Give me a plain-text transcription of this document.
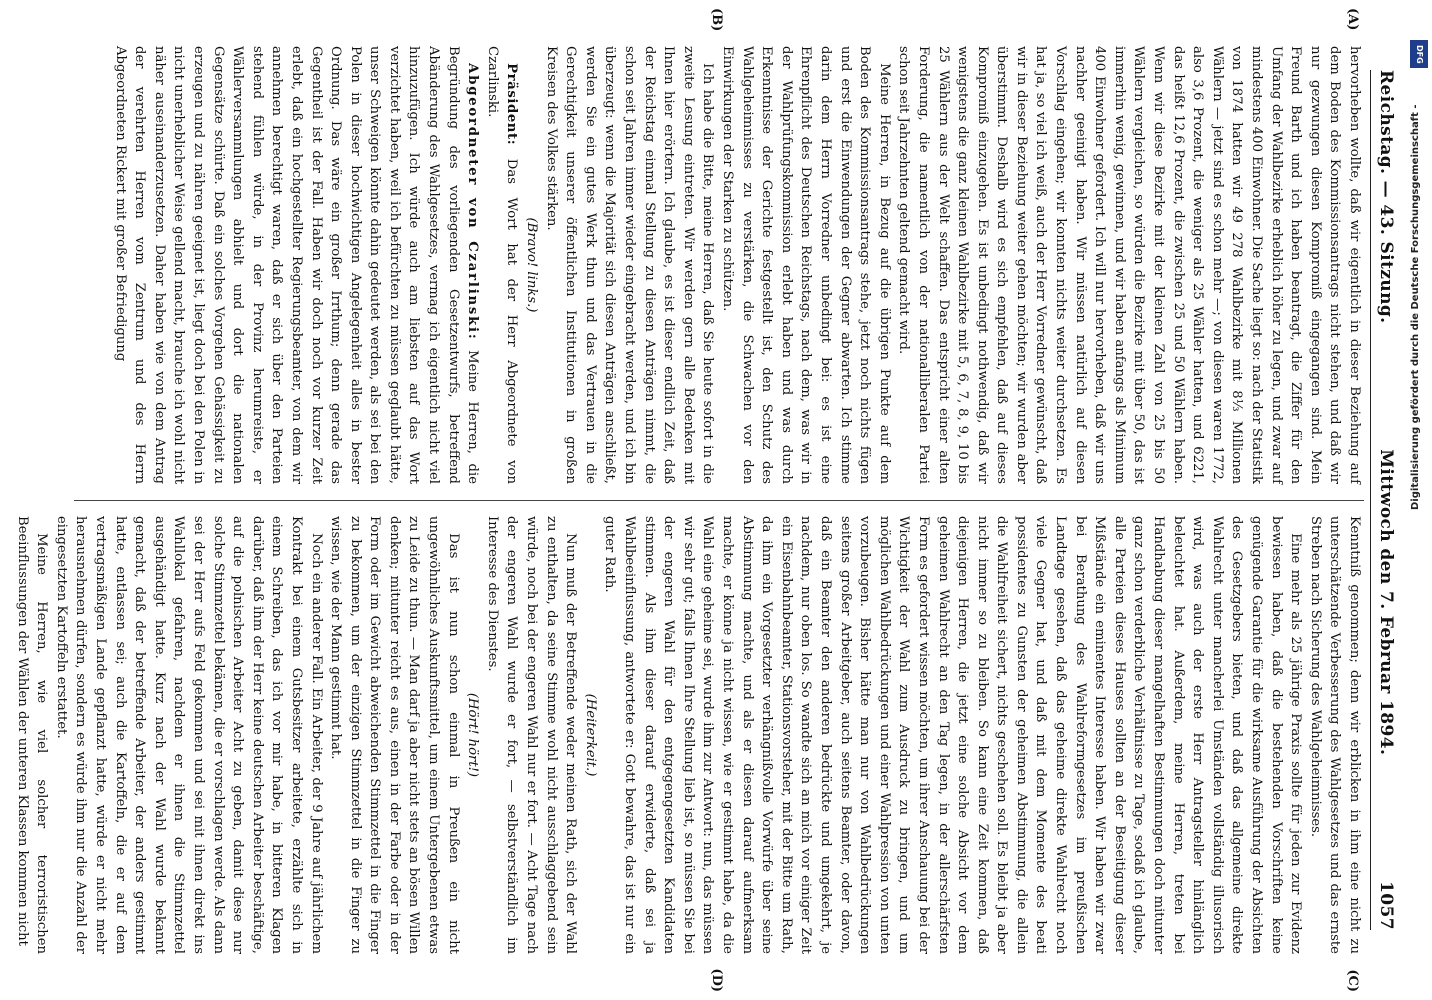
Reichstag. — 43. Sitzung.
Mittwoch den 7. Februar 1894.
1057
(A)
(B)
(C)
(D)

hervorheben wollte, daß wir eigentlich in dieser Beziehung auf dem Boden des Kommissionsantrags nicht stehen, und daß wir nur gezwungen diesen Kompromiß eingegangen sind. Mein Freund Barth und ich haben beantragt, die Ziffer für den Umfang der Wahlbezirke erheblich höher zu legen, und zwar auf mindestens 400 Einwohner. Die Sache liegt so: nach der Statistik von 1874 hatten wir 49 278 Wahlbezirke mit 8⅓ Millionen Wählern — jetzt sind es schon mehr —; von diesen waren 1772, also 3,6 Prozent, die weniger als 25 Wähler hatten, und 6221, das heißt 12,6 Prozent, die zwischen 25 und 50 Wählern haben. Wenn wir diese Bezirke mit der kleinen Zahl von 25 bis 50 Wählern vergleichen, so würden die Bezirke mit über 50, das ist immerhin wenig, gewinnen, und wir haben anfangs als Minimum 400 Einwohner gefordert. Ich will nur hervorheben, daß wir uns nachher geeinigt haben. Wir müssen natürlich auf diesen Vorschlag eingehen; wir konnten nichts weiter durchsetzen. Es hat ja, so viel ich weiß, auch der Herr Vorredner gewünscht, daß wir in dieser Beziehung weiter gehen möchten; wir wurden aber überstimmt. Deshalb wird es sich empfehlen, daß auf dieses Kompromiß einzugehen. Es ist unbedingt nothwendig, daß wir wenigstens die ganz kleinen Wahlbezirke mit 5, 6, 7, 8, 9, 10 bis 25 Wählern aus der Welt schaffen. Das entspricht einer alten Forderung, die namentlich von der nationalliberalen Partei schon seit Jahrzehnten geltend gemacht wird.

Meine Herren, in Bezug auf die übrigen Punkte auf dem Boden des Kommissionsantrags stehe, jetzt noch nichts fügen und erst die Einwendungen der Gegner abwarten. Ich stimme darin dem Herrn Vorredner unbedingt bei: es ist eine Ehrenpflicht des Deutschen Reichstags, nach dem, was wir in der Wahlprüfungskommission erlebt haben und was durch Erkenntnisse der Gerichte festgestellt ist, den Schutz des Wahlgeheimnisses zu verstärken, die Schwachen vor den Einwirkungen der Starken zu schützen.

Ich habe die Bitte, meine Herren, daß Sie heute sofort in die zweite Lesung eintreten. Wir werden gern alle Bedenken mit Ihnen hier erörtern. Ich glaube, es ist dieser endlich Zeit, daß der Reichstag einmal Stellung zu diesen Anträgen nimmt, die schon seit Jahren immer wieder eingebracht werden, und ich bin überzeugt: wenn die Majorität sich diesen Anträgen anschließt, werden Sie ein gutes Werk thun und das Vertrauen in die Gerechtigkeit unserer öffentlichen Institutionen in großen Kreisen des Volkes stärken.

(Bravo! links.)

Präsident: Das Wort hat der Herr Abgeordnete von Czarlinski.

Abgeordneter von Czarlinski: Meine Herren, die Begründung des vorliegenden Gesetzentwurfs, betreffend Abänderung des Wahlgesetzes, vermag ich eigentlich nicht viel hinzuzufügen. Ich würde auch am liebsten auf das Wort verzichtet haben, weil ich befürchten zu müssen geglaubt hätte, unser Schweigen könnte dahin gedeutet werden, als sei bei den Polen in dieser hochwichtigen Angelegenheit alles in bester Ordnung. Das wäre ein großer Irrthum; denn gerade das Gegentheil ist der Fall. Haben wir doch noch vor kurzer Zeit erlebt, daß ein hochgestellter Regierungsbeamter, von dem wir annehmen berechtigt waren, daß er sich über den Parteien stehend fühlen würde, in der Provinz herumreiste, er Wählerversammlungen abhielt und dort die nationalen Gegensätze schürte. Daß ein solches Vorgehen Gehässigkeit zu erzeugen und zu nähren geeignet ist, liegt doch bei den Polen in nicht unerheblicher Weise gellend macht, brauche ich wohl nicht näher auseinanderzusetzen. Daher haben wie von dem Antrag der verehrten Herren vom Zentrum und des Herrn Abgeordneten Rickert mit großer Befriedigung

Kenntniß genommen; denn wir erblicken in ihm eine nicht zu unterschätzende Verbesserung des Wahlgesetzes und das ernste Streben nach Sicherung des Wahlgeheimnisses.

Eine mehr als 25 jährige Praxis sollte für jeden zur Evidenz bewiesen haben, daß die bestehenden Vorschriften keine genügende Garantie für die wirksame Ausführung der Absichten des Gesetzgebers bieten, und daß das allgemeine direkte Wahlrecht unter mancherlei Umständen vollständig illusorisch wird, was auch der erste Herr Antragsteller hinlänglich beleuchtet hat. Außerdem, meine Herren, treten bei Handhabung dieser mangelhaften Bestimmungen doch mitunter ganz schon verderbliche Verhältnisse zu Tage, sodaß ich glaube, alle Parteien dieses Hauses sollten an der Beseitigung dieser Mißstände ein eminentes Interesse haben. Wir haben wir zwar bei Berathung des Wahlreformgesetzes im preußischen Landtage gesehen, daß das geheime direkte Wahlrecht noch viele Gegner hat, und daß mit dem Momente des beati possidentes zu Gunsten der geheimen Abstimmung, die allein die Wahlfreiheit sichert, nichts geschehen soll. Es bleibt ja aber nicht immer so zu bleiben. So kann eine Zeit kommen, daß diejenigen Herren, die jetzt eine solche Absicht vor dem geheimen Wahlrecht an den Tag legen, in der allerschärfsten Form es gefordert wissen möchten, um ihrer Anschauung bei der Wichtigkeit der Wahl zum Ausdruck zu bringen, und um möglichen Wahlbedrückungen und einer Wahlpression von unten vorzubeugen. Bisher hätte man nur von Wahlbedrückungen seitens großer Arbeitgeber, auch seitens Beamter, oder davon, daß ein Beamter den anderen bedrückte und umgekehrt, je nachdem, nur oben los. So wandte sich an mich vor einiger Zeit ein Eisenbahnbeamter, Stationsvorsteher, mit der Bitte um Rath, da ihm ein Vorgesetzter verhängnißvolle Vorwürfe über seine Abstimmung machte, und als er diesen darauf aufmerksam machte, er könne ja nicht wissen, wie er gestimmt habe, da die Wahl eine geheime sei, wurde ihm zur Antwort: nun, das müssen wir sehr gut; falls Ihnen Ihre Stellung lieb ist, so müssen Sie bei der engeren Wahl für den entgegengesetzten Kandidaten stimmen. Als ihm dieser darauf erwiderte, daß sei ja Wahlbeeinflussung, antwortete er: Gott bewahre, das ist nur ein guter Rath.

(Heiterkeit.)

Nun muß der Betreffende weder meinen Rath, sich der Wahl zu enthalten, da seine Stimme wohl nicht ausschlaggebend sein würde, noch bei der engeren Wahl nur er fort. — Acht Tage nach der engeren Wahl wurde er fort, — selbstverständlich im Interesse des Dienstes.

(Hört! hört!)

Das ist nun schon einmal in Preußen ein nicht ungewöhnliches Auskunftsmittel, um einem Untergebenen etwas zu Leide zu thun. — Man darf ja aber nicht stets an bösen Willen denken; mitunter reicht es aus, einen in der Farbe oder in der Form oder im Gewicht abweichenden Stimmzettel in die Finger zu bekommen, um der einzigen Stimmzettel in die Finger zu wissen, wie der Mann gestimmt hat.

Noch ein anderer Fall. Ein Arbeiter, der 9 Jahre auf jährlichem Kontrakt bei einem Gutsbesitzer arbeitete, erzählte sich in einem Schreiben, das ich vor mir habe, in bitteren Klagen darüber, daß ihm der Herr keine deutschen Arbeiter beschäftige, auf die polnischen Arbeiter Acht zu geben, damit diese nur solche Stimmzettel bekämen, die er vorschlagen werde. Als dann sei der Herr aufs Feld gekommen und sei mit ihnen direkt ins Wahllokal gefahren, nachdem er ihnen die Stimmzettel ausgehändigt hatte. Kurz nach der Wahl wurde bekannt gemacht, daß der betreffende Arbeiter, der anders gestimmt hatte, entlassen sei; auch die Kartoffeln, die er auf dem vertragsmäßigen Lande gepflanzt hatte, würde er nicht mehr herausnehmen dürfen, sondern es würde ihm nur die Anzahl der eingesetzten Kartoffeln erstattet.

Meine Herren, wie viel solcher terroristischen Beeinflussungen der Wählen der unteren Klassen kommen nicht

DFG
Digitalisierung gefördert durch die Deutsche Forschungsgemeinschaft -
